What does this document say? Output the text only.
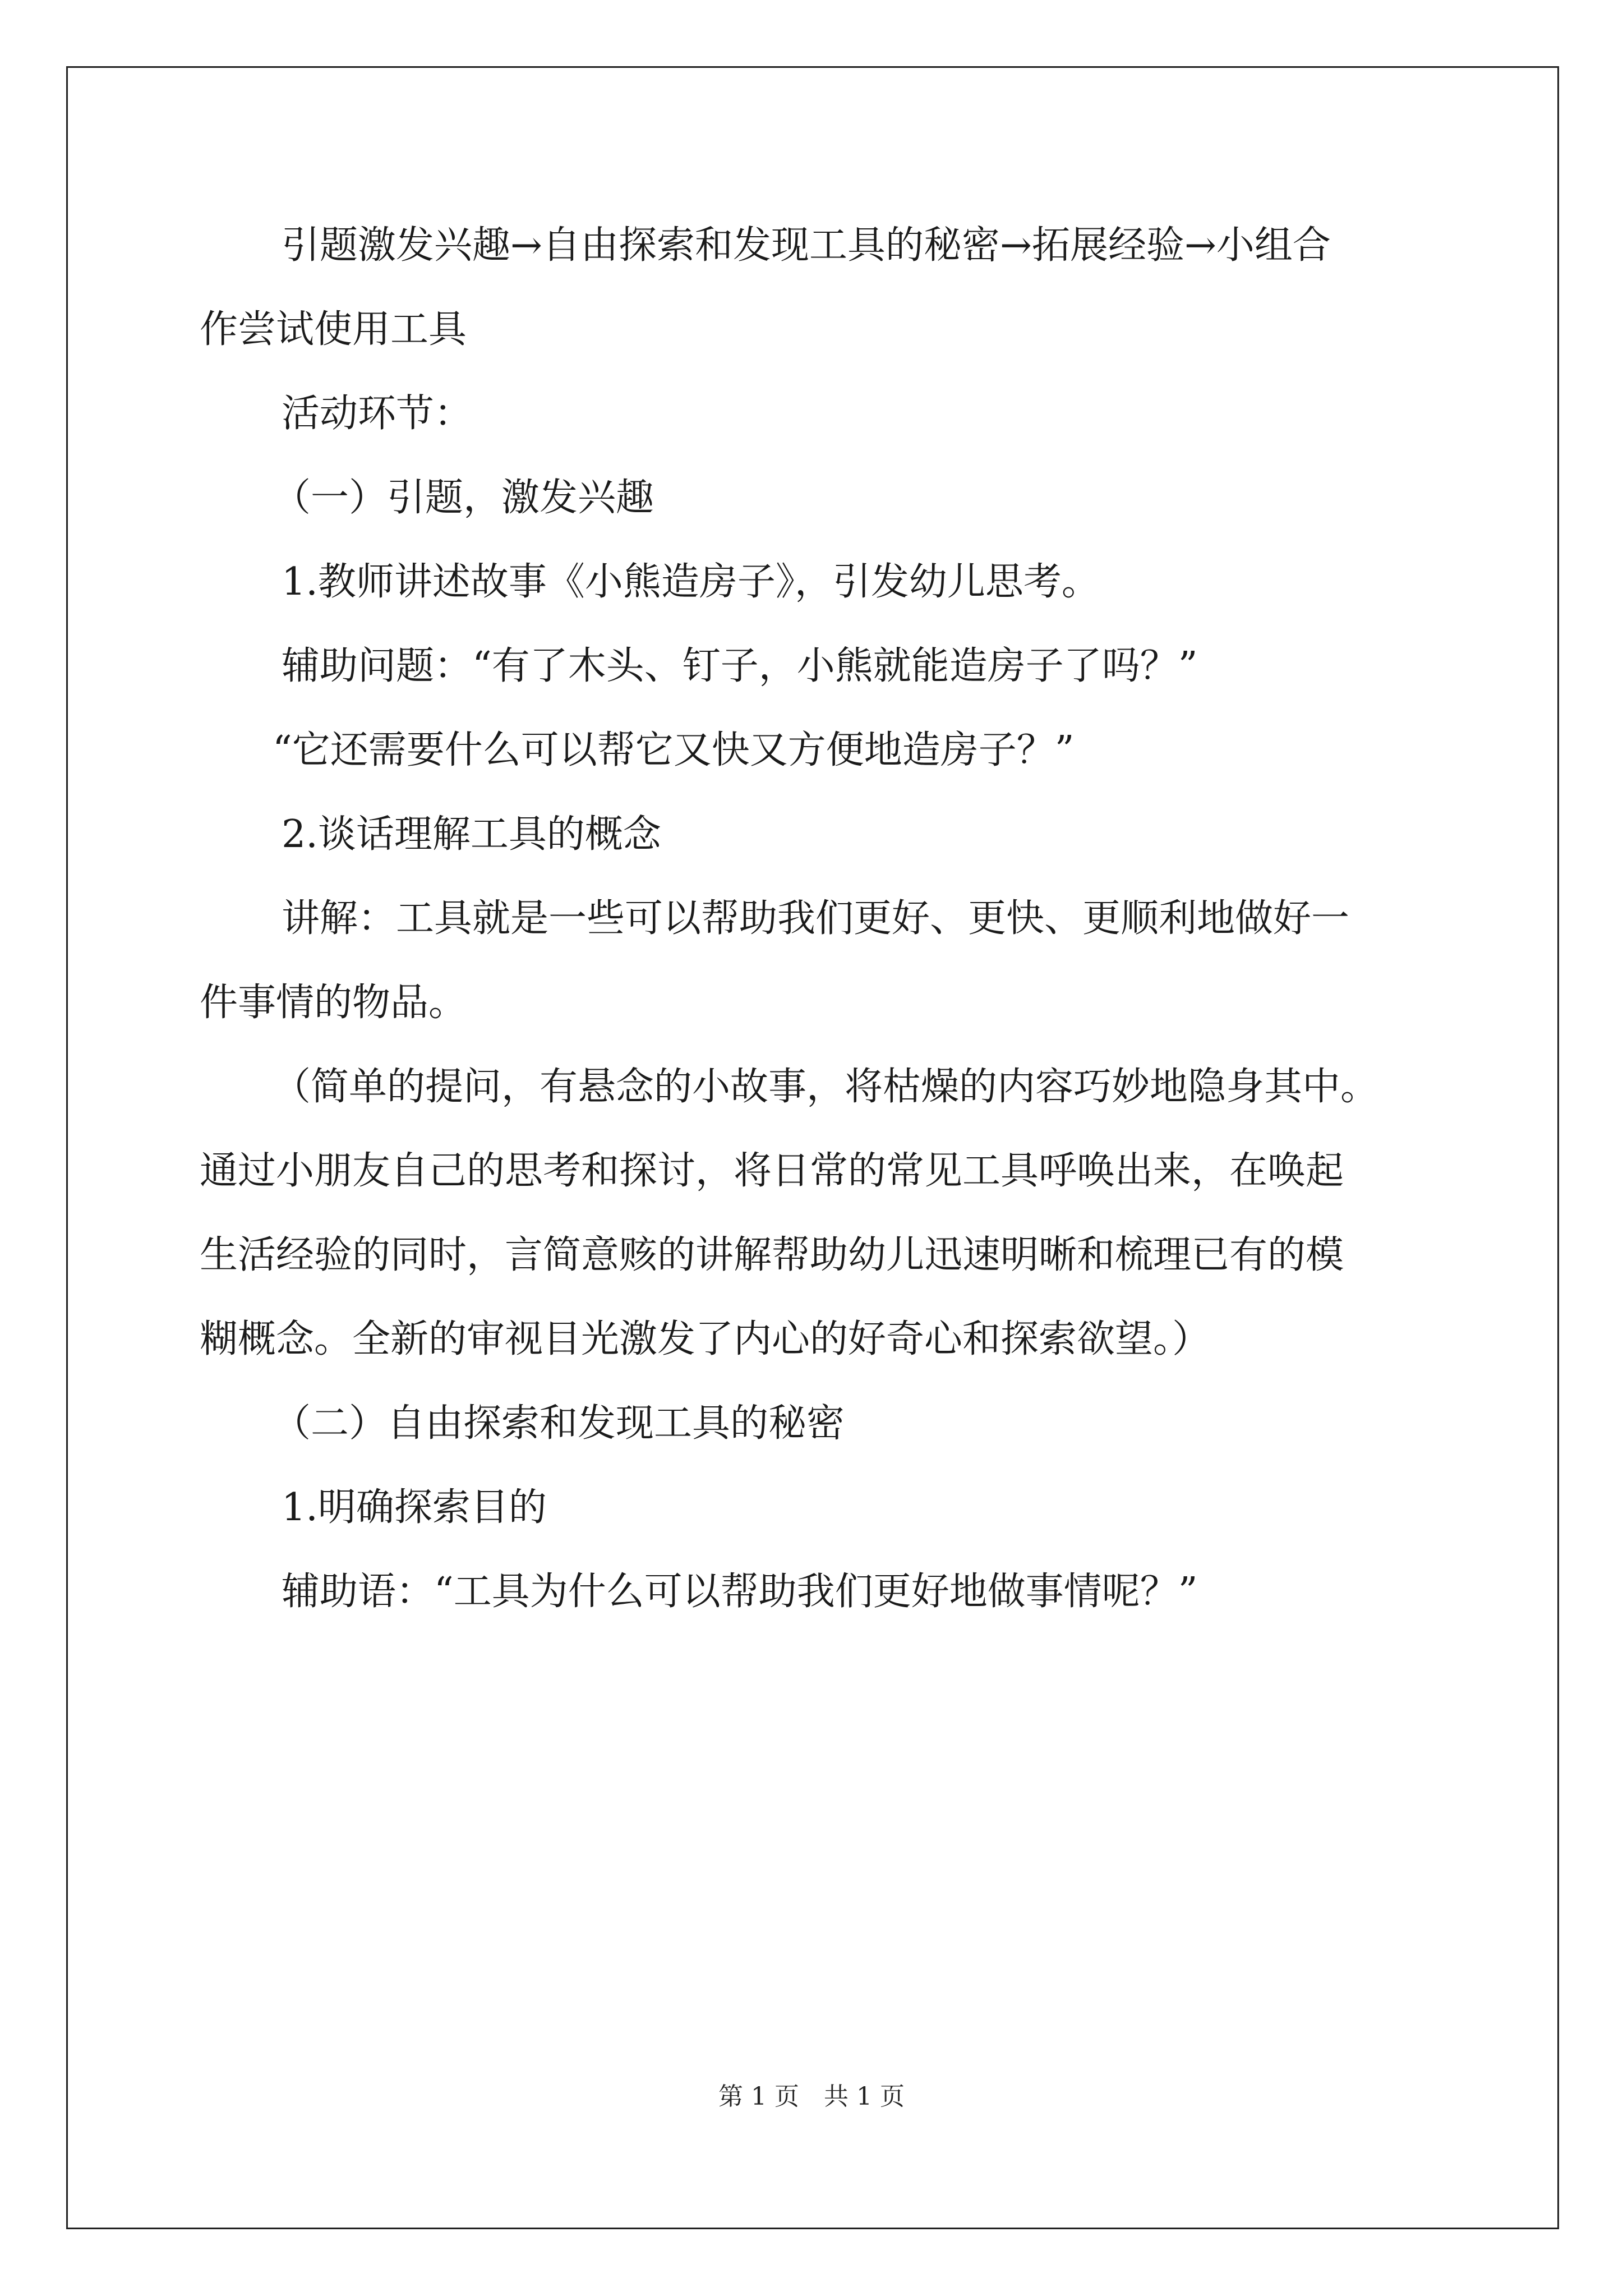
引题激发兴趣→自由探索和发现工具的秘密→拓展经验→小组合
作尝试使用工具
活动环节：
（一）引题，激发兴趣
1.教师讲述故事《小熊造房子》，引发幼儿思考。
辅助问题：“有了木头、钉子，小熊就能造房子了吗？”
“它还需要什么可以帮它又快又方便地造房子？”
2.谈话理解工具的概念
讲解：工具就是一些可以帮助我们更好、更快、更顺利地做好一
件事情的物品。
（简单的提问，有悬念的小故事，将枯燥的内容巧妙地隐身其中。
通过小朋友自己的思考和探讨，将日常的常见工具呼唤出来，在唤起
生活经验的同时，言简意赅的讲解帮助幼儿迅速明晰和梳理已有的模
糊概念。全新的审视目光激发了内心的好奇心和探索欲望。）
（二）自由探索和发现工具的秘密
1.明确探索目的
辅助语：“工具为什么可以帮助我们更好地做事情呢？”
第 1 页　共 1 页
